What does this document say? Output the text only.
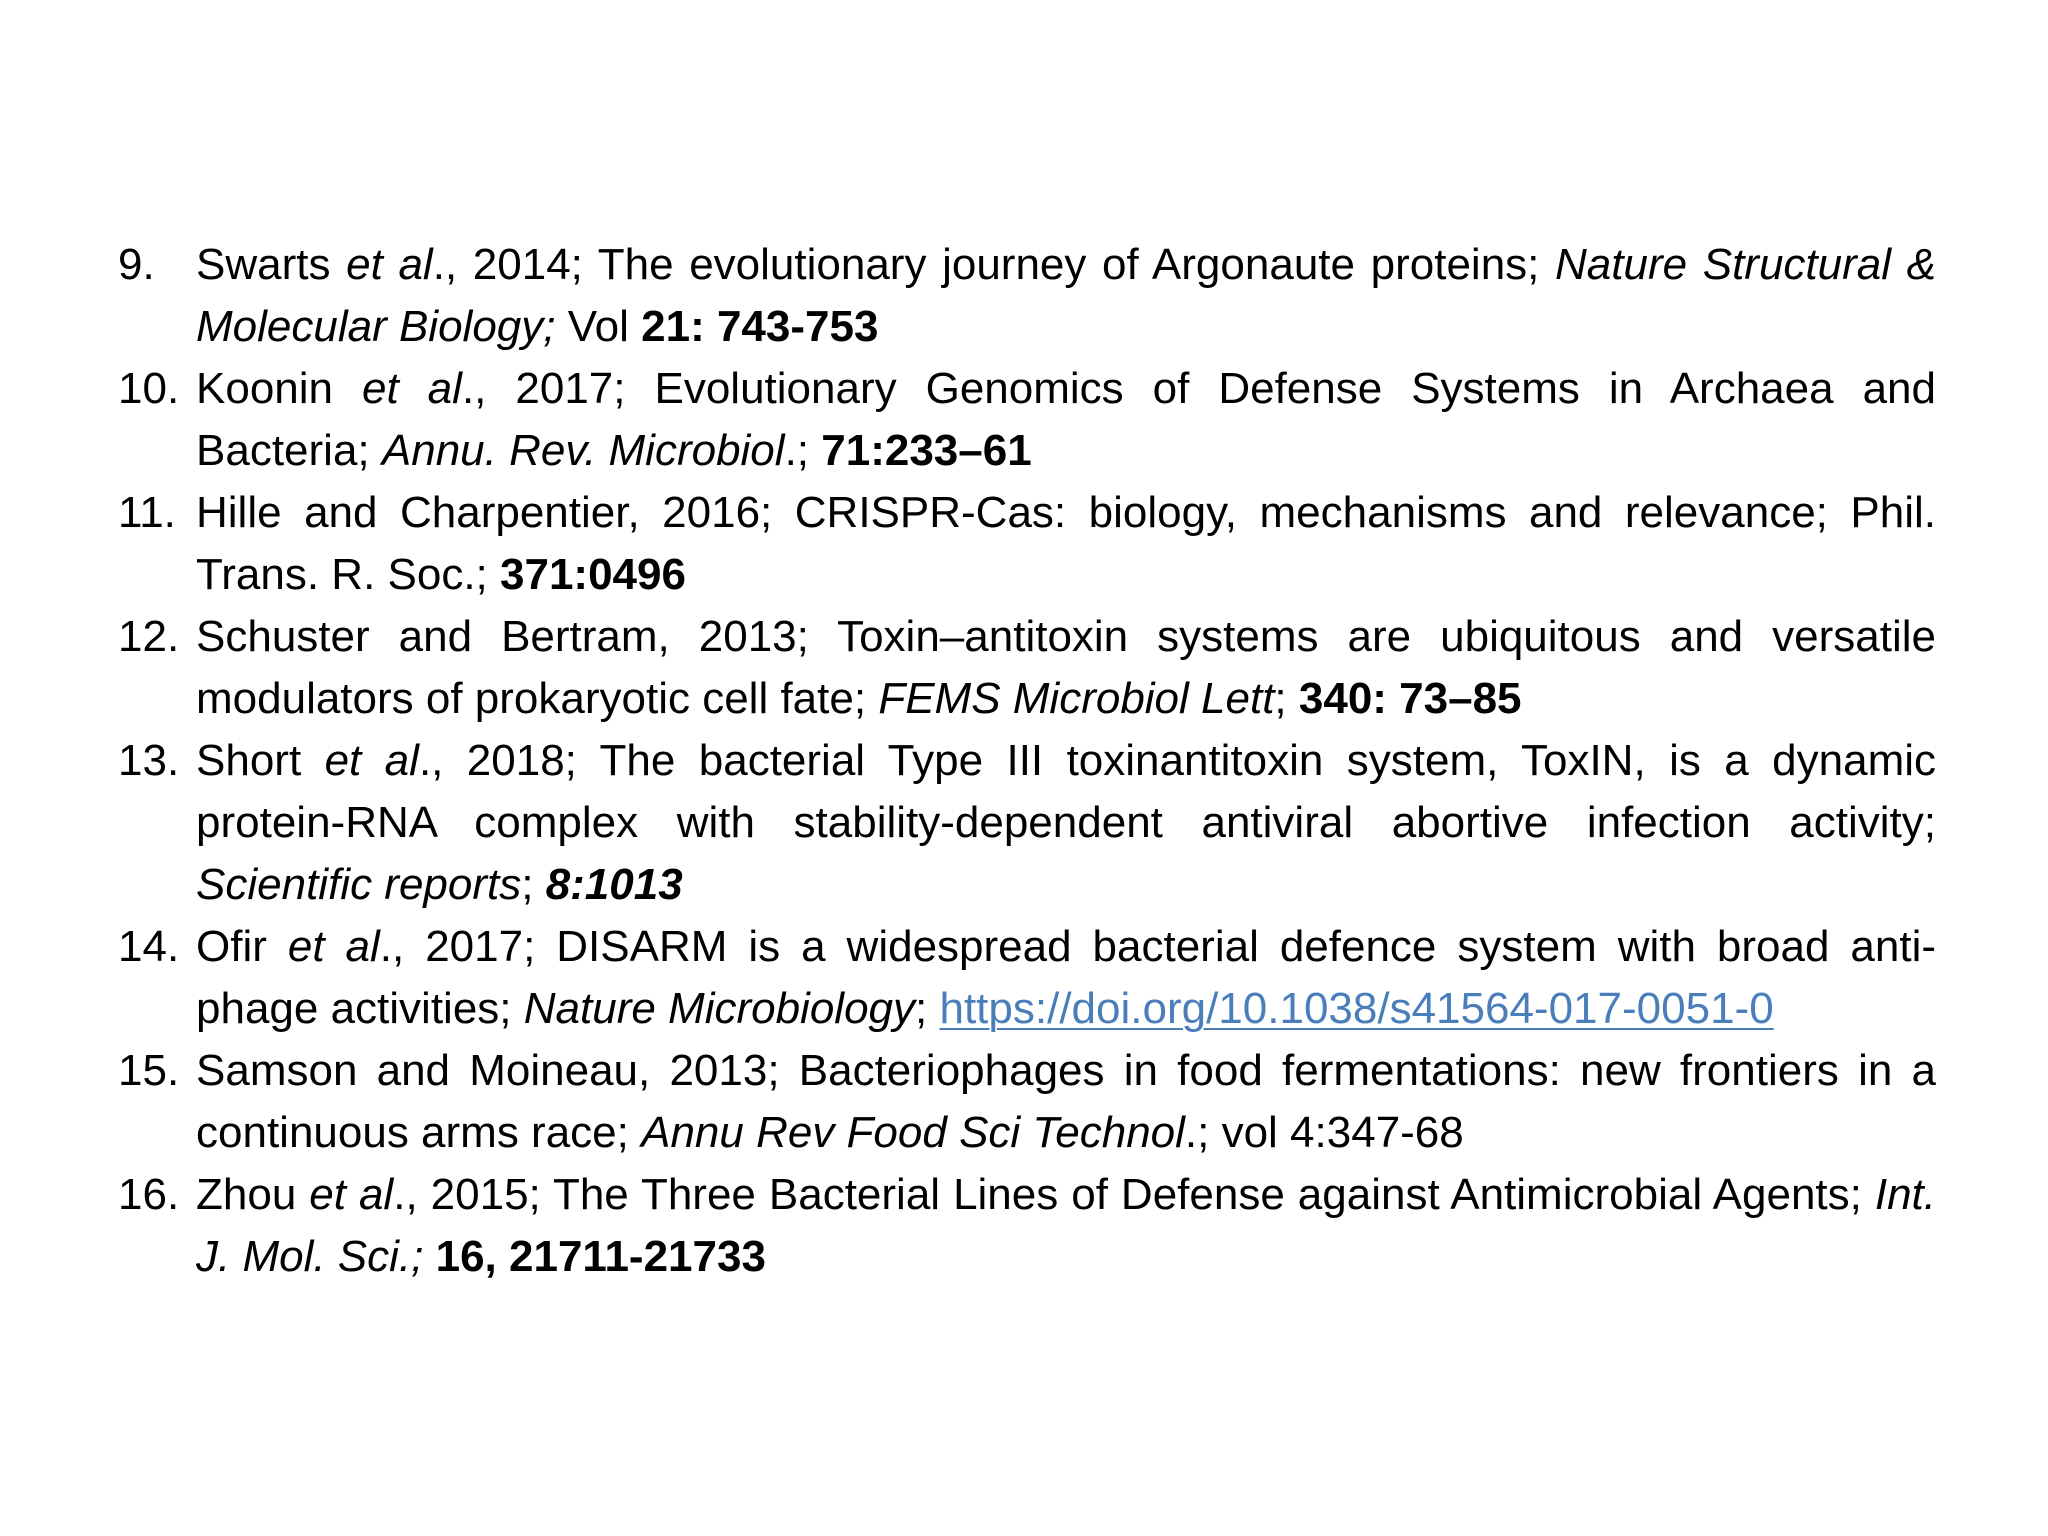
9. Swarts et al., 2014; The evolutionary journey of Argonaute proteins; Nature Structural & Molecular Biology; Vol 21: 743-753
10. Koonin et al., 2017; Evolutionary Genomics of Defense Systems in Archaea and Bacteria; Annu. Rev. Microbiol.; 71:233–61
11. Hille and Charpentier, 2016; CRISPR-Cas: biology, mechanisms and relevance; Phil. Trans. R. Soc.; 371:0496
12. Schuster and Bertram, 2013; Toxin–antitoxin systems are ubiquitous and versatile modulators of prokaryotic cell fate; FEMS Microbiol Lett; 340: 73–85
13. Short et al., 2018; The bacterial Type III toxinantitoxin system, ToxIN, is a dynamic protein-RNA complex with stability-dependent antiviral abortive infection activity; Scientific reports; 8:1013
14. Ofir et al., 2017; DISARM is a widespread bacterial defence system with broad anti-phage activities; Nature Microbiology; https://doi.org/10.1038/s41564-017-0051-0
15. Samson and Moineau, 2013; Bacteriophages in food fermentations: new frontiers in a continuous arms race; Annu Rev Food Sci Technol.; vol 4:347-68
16. Zhou et al., 2015; The Three Bacterial Lines of Defense against Antimicrobial Agents; Int. J. Mol. Sci.; 16, 21711-21733
